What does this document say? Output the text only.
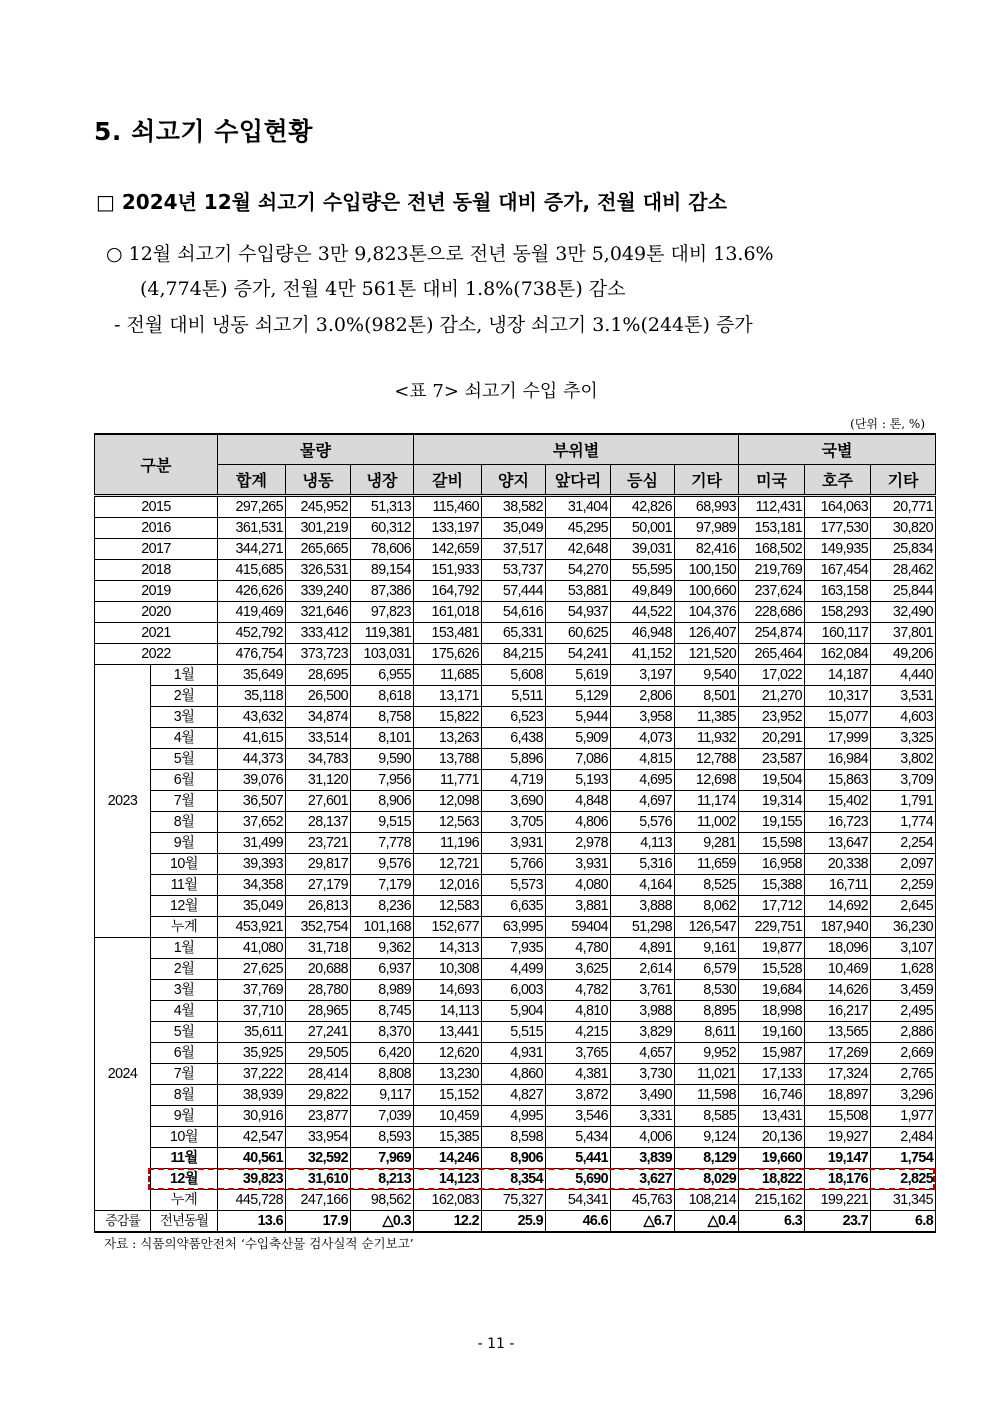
5. 쇠고기 수입현황
□ 2024년 12월 쇠고기 수입량은 전년 동월 대비 증가, 전월 대비 감소
○ 12월 쇠고기 수입량은 3만 9,823톤으로 전년 동월 3만 5,049톤 대비 13.6%
(4,774톤) 증가, 전월 4만 561톤 대비 1.8%(738톤) 감소
- 전월 대비 냉동 쇠고기 3.0%(982톤) 감소, 냉장 쇠고기 3.1%(244톤) 증가
<표 7> 쇠고기 수입 추이
(단위 : 톤, %)
구분		물량			부위별					국별		
		합계	냉동	냉장	갈비	양지	앞다리	등심	기타	미국	호주	기타
2015		297,265	245,952	51,313	115,460	38,582	31,404	42,826	68,993	112,431	164,063	20,771
2016		361,531	301,219	60,312	133,197	35,049	45,295	50,001	97,989	153,181	177,530	30,820
2017		344,271	265,665	78,606	142,659	37,517	42,648	39,031	82,416	168,502	149,935	25,834
2018		415,685	326,531	89,154	151,933	53,737	54,270	55,595	100,150	219,769	167,454	28,462
2019		426,626	339,240	87,386	164,792	57,444	53,881	49,849	100,660	237,624	163,158	25,844
2020		419,469	321,646	97,823	161,018	54,616	54,937	44,522	104,376	228,686	158,293	32,490
2021		452,792	333,412	119,381	153,481	65,331	60,625	46,948	126,407	254,874	160,117	37,801
2022		476,754	373,723	103,031	175,626	84,215	54,241	41,152	121,520	265,464	162,084	49,206
2023	1월	35,649	28,695	6,955	11,685	5,608	5,619	3,197	9,540	17,022	14,187	4,440
	2월	35,118	26,500	8,618	13,171	5,511	5,129	2,806	8,501	21,270	10,317	3,531
	3월	43,632	34,874	8,758	15,822	6,523	5,944	3,958	11,385	23,952	15,077	4,603
	4월	41,615	33,514	8,101	13,263	6,438	5,909	4,073	11,932	20,291	17,999	3,325
	5월	44,373	34,783	9,590	13,788	5,896	7,086	4,815	12,788	23,587	16,984	3,802
	6월	39,076	31,120	7,956	11,771	4,719	5,193	4,695	12,698	19,504	15,863	3,709
	7월	36,507	27,601	8,906	12,098	3,690	4,848	4,697	11,174	19,314	15,402	1,791
	8월	37,652	28,137	9,515	12,563	3,705	4,806	5,576	11,002	19,155	16,723	1,774
	9월	31,499	23,721	7,778	11,196	3,931	2,978	4,113	9,281	15,598	13,647	2,254
	10월	39,393	29,817	9,576	12,721	5,766	3,931	5,316	11,659	16,958	20,338	2,097
	11월	34,358	27,179	7,179	12,016	5,573	4,080	4,164	8,525	15,388	16,711	2,259
	12월	35,049	26,813	8,236	12,583	6,635	3,881	3,888	8,062	17,712	14,692	2,645
	누계	453,921	352,754	101,168	152,677	63,995	59404	51,298	126,547	229,751	187,940	36,230
2024	1월	41,080	31,718	9,362	14,313	7,935	4,780	4,891	9,161	19,877	18,096	3,107
	2월	27,625	20,688	6,937	10,308	4,499	3,625	2,614	6,579	15,528	10,469	1,628
	3월	37,769	28,780	8,989	14,693	6,003	4,782	3,761	8,530	19,684	14,626	3,459
	4월	37,710	28,965	8,745	14,113	5,904	4,810	3,988	8,895	18,998	16,217	2,495
	5월	35,611	27,241	8,370	13,441	5,515	4,215	3,829	8,611	19,160	13,565	2,886
	6월	35,925	29,505	6,420	12,620	4,931	3,765	4,657	9,952	15,987	17,269	2,669
	7월	37,222	28,414	8,808	13,230	4,860	4,381	3,730	11,021	17,133	17,324	2,765
	8월	38,939	29,822	9,117	15,152	4,827	3,872	3,490	11,598	16,746	18,897	3,296
	9월	30,916	23,877	7,039	10,459	4,995	3,546	3,331	8,585	13,431	15,508	1,977
	10월	42,547	33,954	8,593	15,385	8,598	5,434	4,006	9,124	20,136	19,927	2,484
	11월	40,561	32,592	7,969	14,246	8,906	5,441	3,839	8,129	19,660	19,147	1,754
	12월	39,823	31,610	8,213	14,123	8,354	5,690	3,627	8,029	18,822	18,176	2,825
	누계	445,728	247,166	98,562	162,083	75,327	54,341	45,763	108,214	215,162	199,221	31,345
증감률	전년동월	13.6	17.9	△0.3	12.2	25.9	46.6	△6.7	△0.4	6.3	23.7	6.8
자료 : 식품의약품안전처 ‘수입축산물 검사실적 순기보고’
- 11 -
